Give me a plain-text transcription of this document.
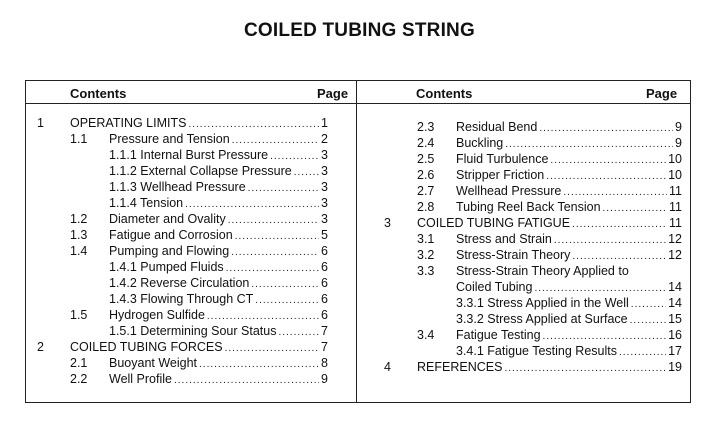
COILED TUBING STRING
Contents	Page	Contents	Page
1 OPERATING LIMITS .....	1
1.1 Pressure and Tension .....	2
1.1.1 Internal Burst Pressure .....	3
1.1.2 External Collapse Pressure ..... 3
1.1.3 Wellhead Pressure .....	3
1.1.4 Tension .....	3
1.2 Diameter and Ovality .....	3
1.3 Fatigue and Corrosion .....	5
1.4 Pumping and Flowing .....	6
1.4.1 Pumped Fluids .....	6
1.4.2 Reverse Circulation .....	6
1.4.3 Flowing Through CT .....	6
1.5 Hydrogen Sulfide .....	6
1.5.1 Determining Sour Status .....	7
2 COILED TUBING FORCES .....	7
2.1 Buoyant Weight .....	8
2.2 Well Profile .....	9
2.3 Residual Bend .....	9
2.4 Buckling .....	9
2.5 Fluid Turbulence .....	10
2.6 Stripper Friction .....	10
2.7 Wellhead Pressure .....	11
2.8 Tubing Reel Back Tension .....	11
3 COILED TUBING FATIGUE .....	11
3.1 Stress and Strain .....	12
3.2 Stress-Strain Theory .....	12
3.3 Stress-Strain Theory Applied to
Coiled Tubing .....	14
3.3.1 Stress Applied in the Well .....	14
3.3.2 Stress Applied at Surface .....	15
3.4 Fatigue Testing .....	16
3.4.1 Fatigue Testing Results .....	17
4 REFERENCES .....	19
